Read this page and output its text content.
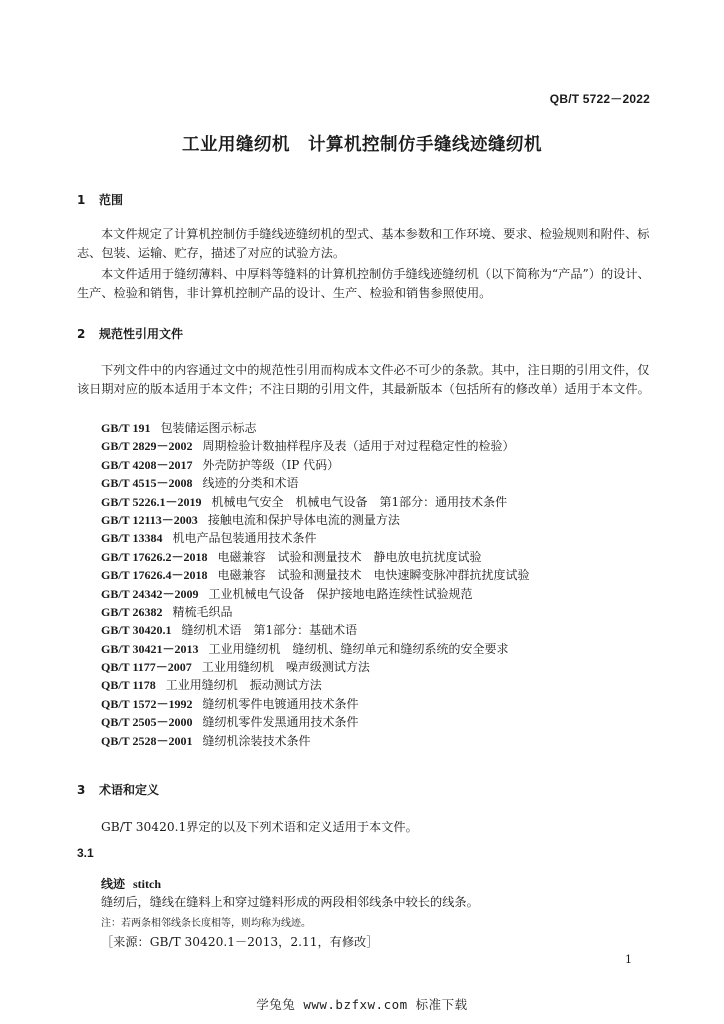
QB/T 5722－2022
工业用缝纫机　计算机控制仿手缝线迹缝纫机
1 范围
本文件规定了计算机控制仿手缝线迹缝纫机的型式、基本参数和工作环境、要求、检验规则和附件、标志、包装、运输、贮存，描述了对应的试验方法。
本文件适用于缝纫薄料、中厚料等缝料的计算机控制仿手缝线迹缝纫机（以下简称为“产品”）的设计、生产、检验和销售，非计算机控制产品的设计、生产、检验和销售参照使用。
2 规范性引用文件
下列文件中的内容通过文中的规范性引用而构成本文件必不可少的条款。其中，注日期的引用文件，仅该日期对应的版本适用于本文件；不注日期的引用文件，其最新版本（包括所有的修改单）适用于本文件。
GB/T 191 包装储运图示标志
GB/T 2829－2002 周期检验计数抽样程序及表（适用于对过程稳定性的检验）
GB/T 4208－2017 外壳防护等级（IP 代码）
GB/T 4515－2008 线迹的分类和术语
GB/T 5226.1－2019 机械电气安全　机械电气设备　第1部分：通用技术条件
GB/T 12113－2003 接触电流和保护导体电流的测量方法
GB/T 13384 机电产品包装通用技术条件
GB/T 17626.2－2018 电磁兼容　试验和测量技术　静电放电抗扰度试验
GB/T 17626.4－2018 电磁兼容　试验和测量技术　电快速瞬变脉冲群抗扰度试验
GB/T 24342－2009 工业机械电气设备　保护接地电路连续性试验规范
GB/T 26382 精梳毛织品
GB/T 30420.1 缝纫机术语　第1部分：基础术语
GB/T 30421－2013 工业用缝纫机　缝纫机、缝纫单元和缝纫系统的安全要求
QB/T 1177－2007 工业用缝纫机　噪声级测试方法
QB/T 1178 工业用缝纫机　振动测试方法
QB/T 1572－1992 缝纫机零件电镀通用技术条件
QB/T 2505－2000 缝纫机零件发黑通用技术条件
QB/T 2528－2001 缝纫机涂装技术条件
3 术语和定义
GB/T 30420.1界定的以及下列术语和定义适用于本文件。
3.1
线迹 stitch
缝纫后，缝线在缝料上和穿过缝料形成的两段相邻线条中较长的线条。
注：若两条相邻线条长度相等，则均称为线迹。
［来源：GB/T 30420.1－2013，2.11，有修改］
1
学兔兔 www.bzfxw.com 标准下载
